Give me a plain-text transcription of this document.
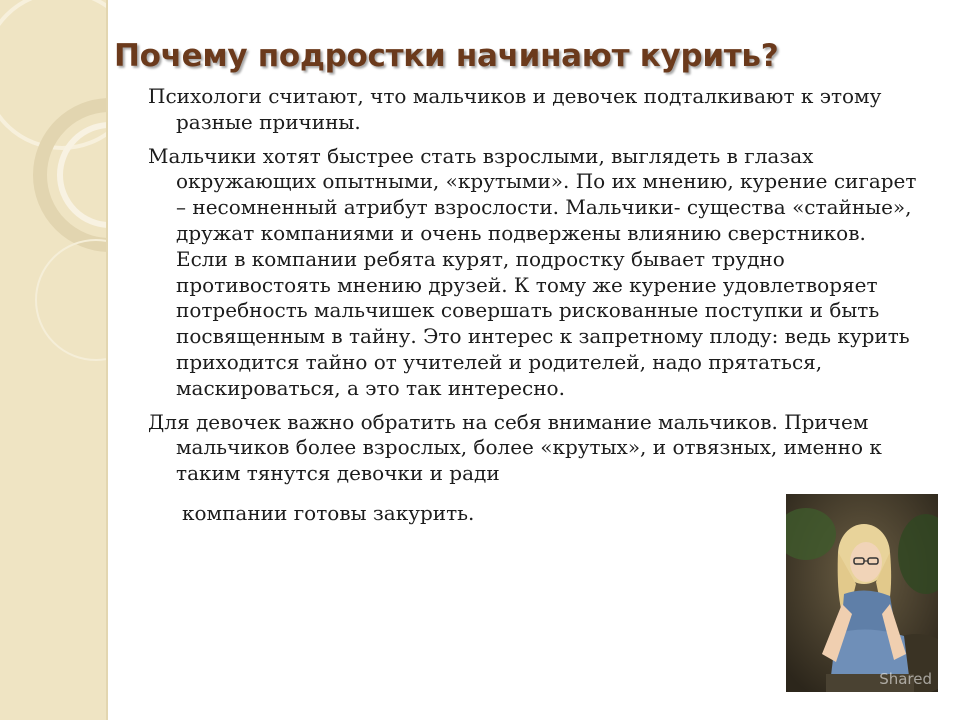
Почему подростки начинают курить?

Психологи считают, что мальчиков и девочек подталкивают к этому разные причины.

Мальчики хотят быстрее стать взрослыми, выглядеть в глазах окружающих опытными, «крутыми». По их мнению, курение сигарет – несомненный атрибут взрослости. Мальчики- существа «стайные», дружат компаниями и очень подвержены влиянию сверстников. Если в компании ребята курят, подростку бывает трудно противостоять мнению друзей. К тому же курение удовлетворяет потребность мальчишек совершать рискованные поступки и быть посвященным в тайну. Это интерес к запретному плоду: ведь курить приходится тайно от учителей и родителей, надо прятаться, маскироваться, а это так интересно.

Для девочек важно обратить на себя внимание мальчиков. Причем мальчиков более взрослых, более «крутых», и отвязных, именно к таким тянутся девочки и ради

компании готовы закурить.

Shared
